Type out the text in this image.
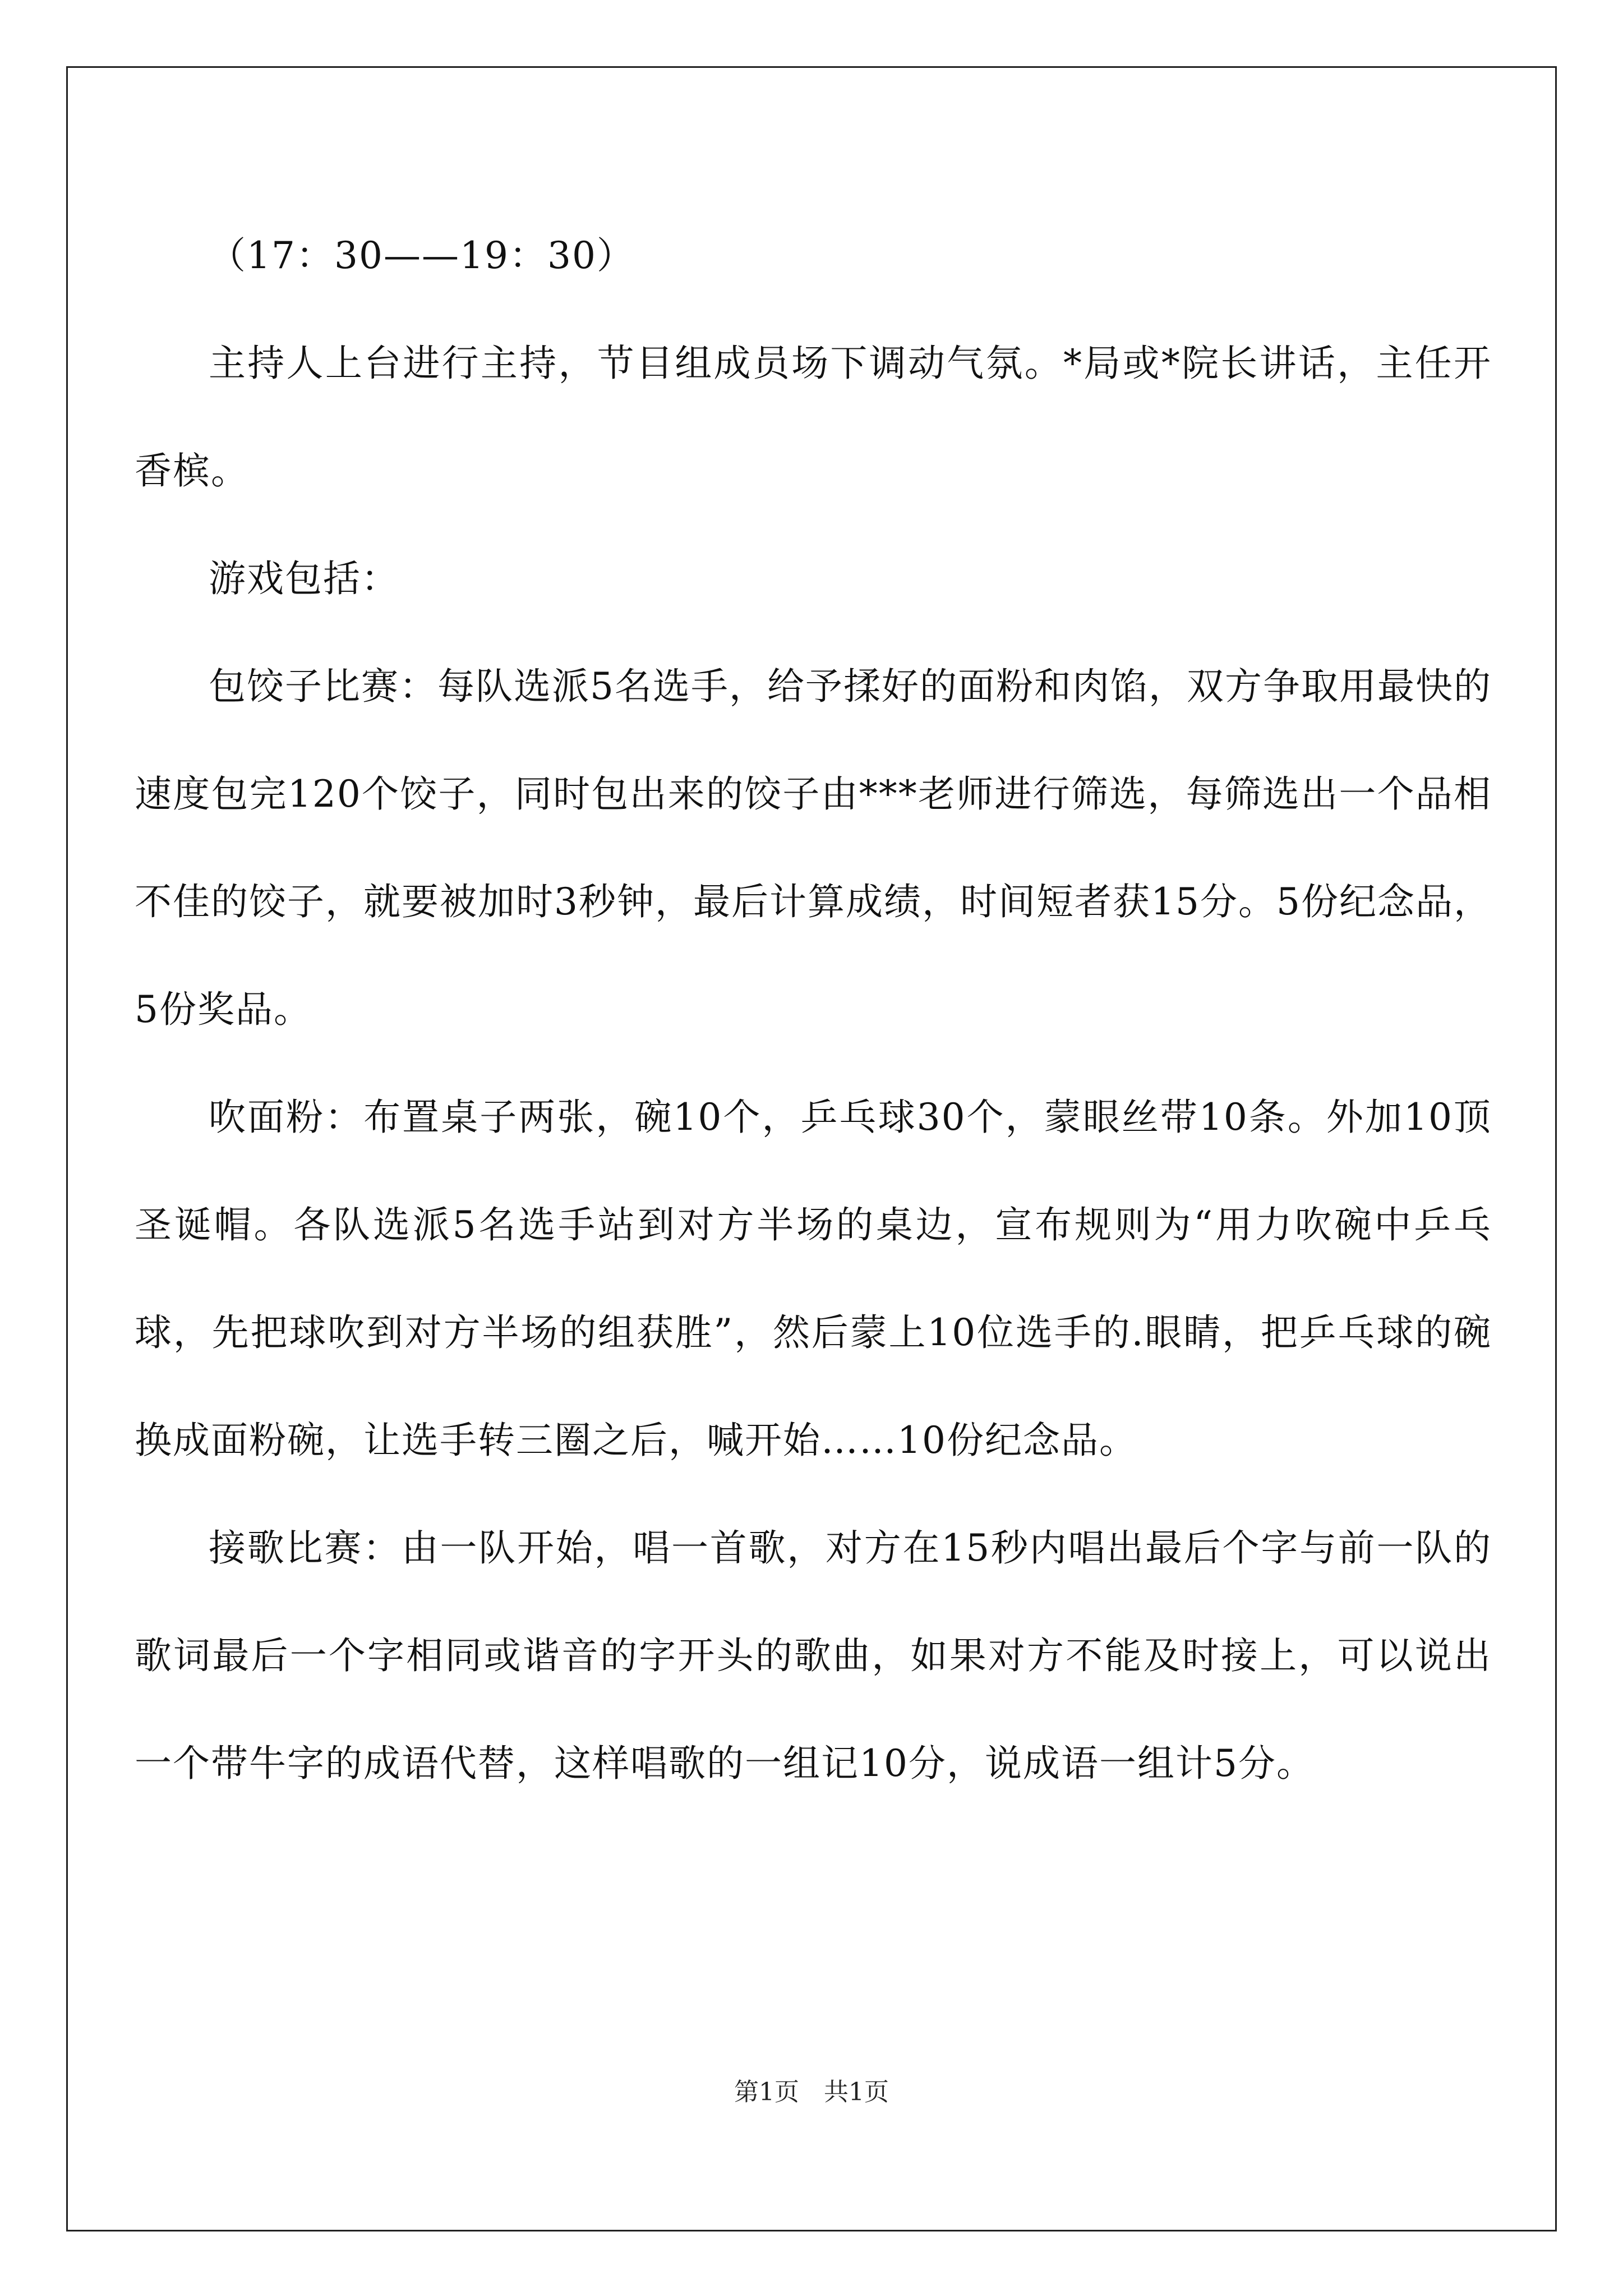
（17：30——19：30）

主持人上台进行主持，节目组成员场下调动气氛。*局或*院长讲话，主任开香槟。

游戏包括：

包饺子比赛：每队选派5名选手，给予揉好的面粉和肉馅，双方争取用最快的速度包完120个饺子，同时包出来的饺子由***老师进行筛选，每筛选出一个品相不佳的饺子，就要被加时3秒钟，最后计算成绩，时间短者获15分。5份纪念品，5份奖品。

吹面粉：布置桌子两张，碗10个，乒乓球30个，蒙眼丝带10条。外加10顶圣诞帽。各队选派5名选手站到对方半场的桌边，宣布规则为“用力吹碗中乒乓球，先把球吹到对方半场的组获胜”，然后蒙上10位选手的.眼睛，把乒乓球的碗换成面粉碗，让选手转三圈之后，喊开始……10份纪念品。

接歌比赛：由一队开始，唱一首歌，对方在15秒内唱出最后个字与前一队的歌词最后一个字相同或谐音的字开头的歌曲，如果对方不能及时接上，可以说出一个带牛字的成语代替，这样唱歌的一组记10分，说成语一组计5分。

第1页　共1页
